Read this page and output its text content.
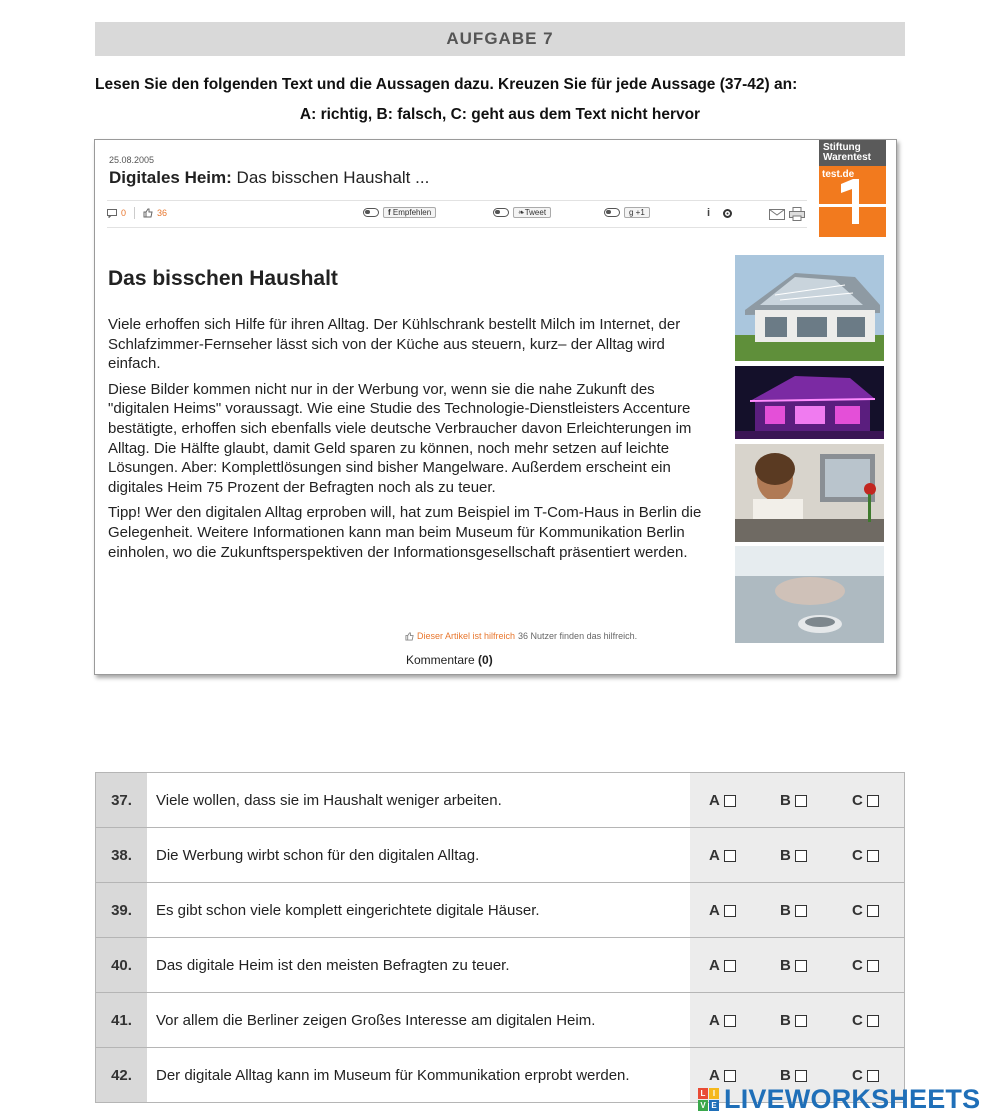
AUFGABE 7
Lesen Sie den folgenden Text und die Aussagen dazu. Kreuzen Sie für jede Aussage (37-42) an:
A: richtig, B: falsch, C: geht aus dem Text nicht hervor
25.08.2005
Digitales Heim: Das bisschen Haushalt ...
0	36	f Empfehlen	❧Tweet	g +1	i
Stiftung
Warentest
test.de
Das bisschen Haushalt

Viele erhoffen sich Hilfe für ihren Alltag. Der Kühlschrank bestellt Milch im Internet, der Schlafzimmer-Fernseher lässt sich von der Küche aus steuern, kurz– der Alltag wird einfach.

Diese Bilder kommen nicht nur in der Werbung vor, wenn sie die nahe Zukunft des "digitalen Heims" voraussagt. Wie eine Studie des Technologie-Dienstleisters Accenture bestätigte, erhoffen sich ebenfalls viele deutsche Verbraucher davon Erleichterungen im Alltag. Die Hälfte glaubt, damit Geld sparen zu können, noch mehr setzen auf leichte Lösungen. Aber: Komplettlösungen sind bisher Mangelware. Außerdem erscheint ein digitales Heim 75 Prozent der Befragten noch als zu teuer.

Tipp! Wer den digitalen Alltag erproben will, hat zum Beispiel im T-Com-Haus in Berlin die Gelegenheit. Weitere Informationen kann man beim Museum für Kommunikation Berlin einholen, wo die Zukunftsperspektiven der Informationsgesellschaft präsentiert werden.

Dieser Artikel ist hilfreich 36 Nutzer finden das hilfreich.
Kommentare (0)
37.	Viele wollen, dass sie im Haushalt weniger arbeiten.	A	B	C
38.	Die Werbung wirbt schon für den digitalen Alltag.	A	B	C
39.	Es gibt schon viele komplett eingerichtete digitale Häuser.	A	B	C
40.	Das digitale Heim ist den meisten Befragten zu teuer.	A	B	C
41.	Vor allem die Berliner zeigen Großes Interesse am digitalen Heim.	A	B	C
42.	Der digitale Alltag kann im Museum für Kommunikation erprobt werden.	A	B	C
L I
V E LIVEWORKSHEETS
